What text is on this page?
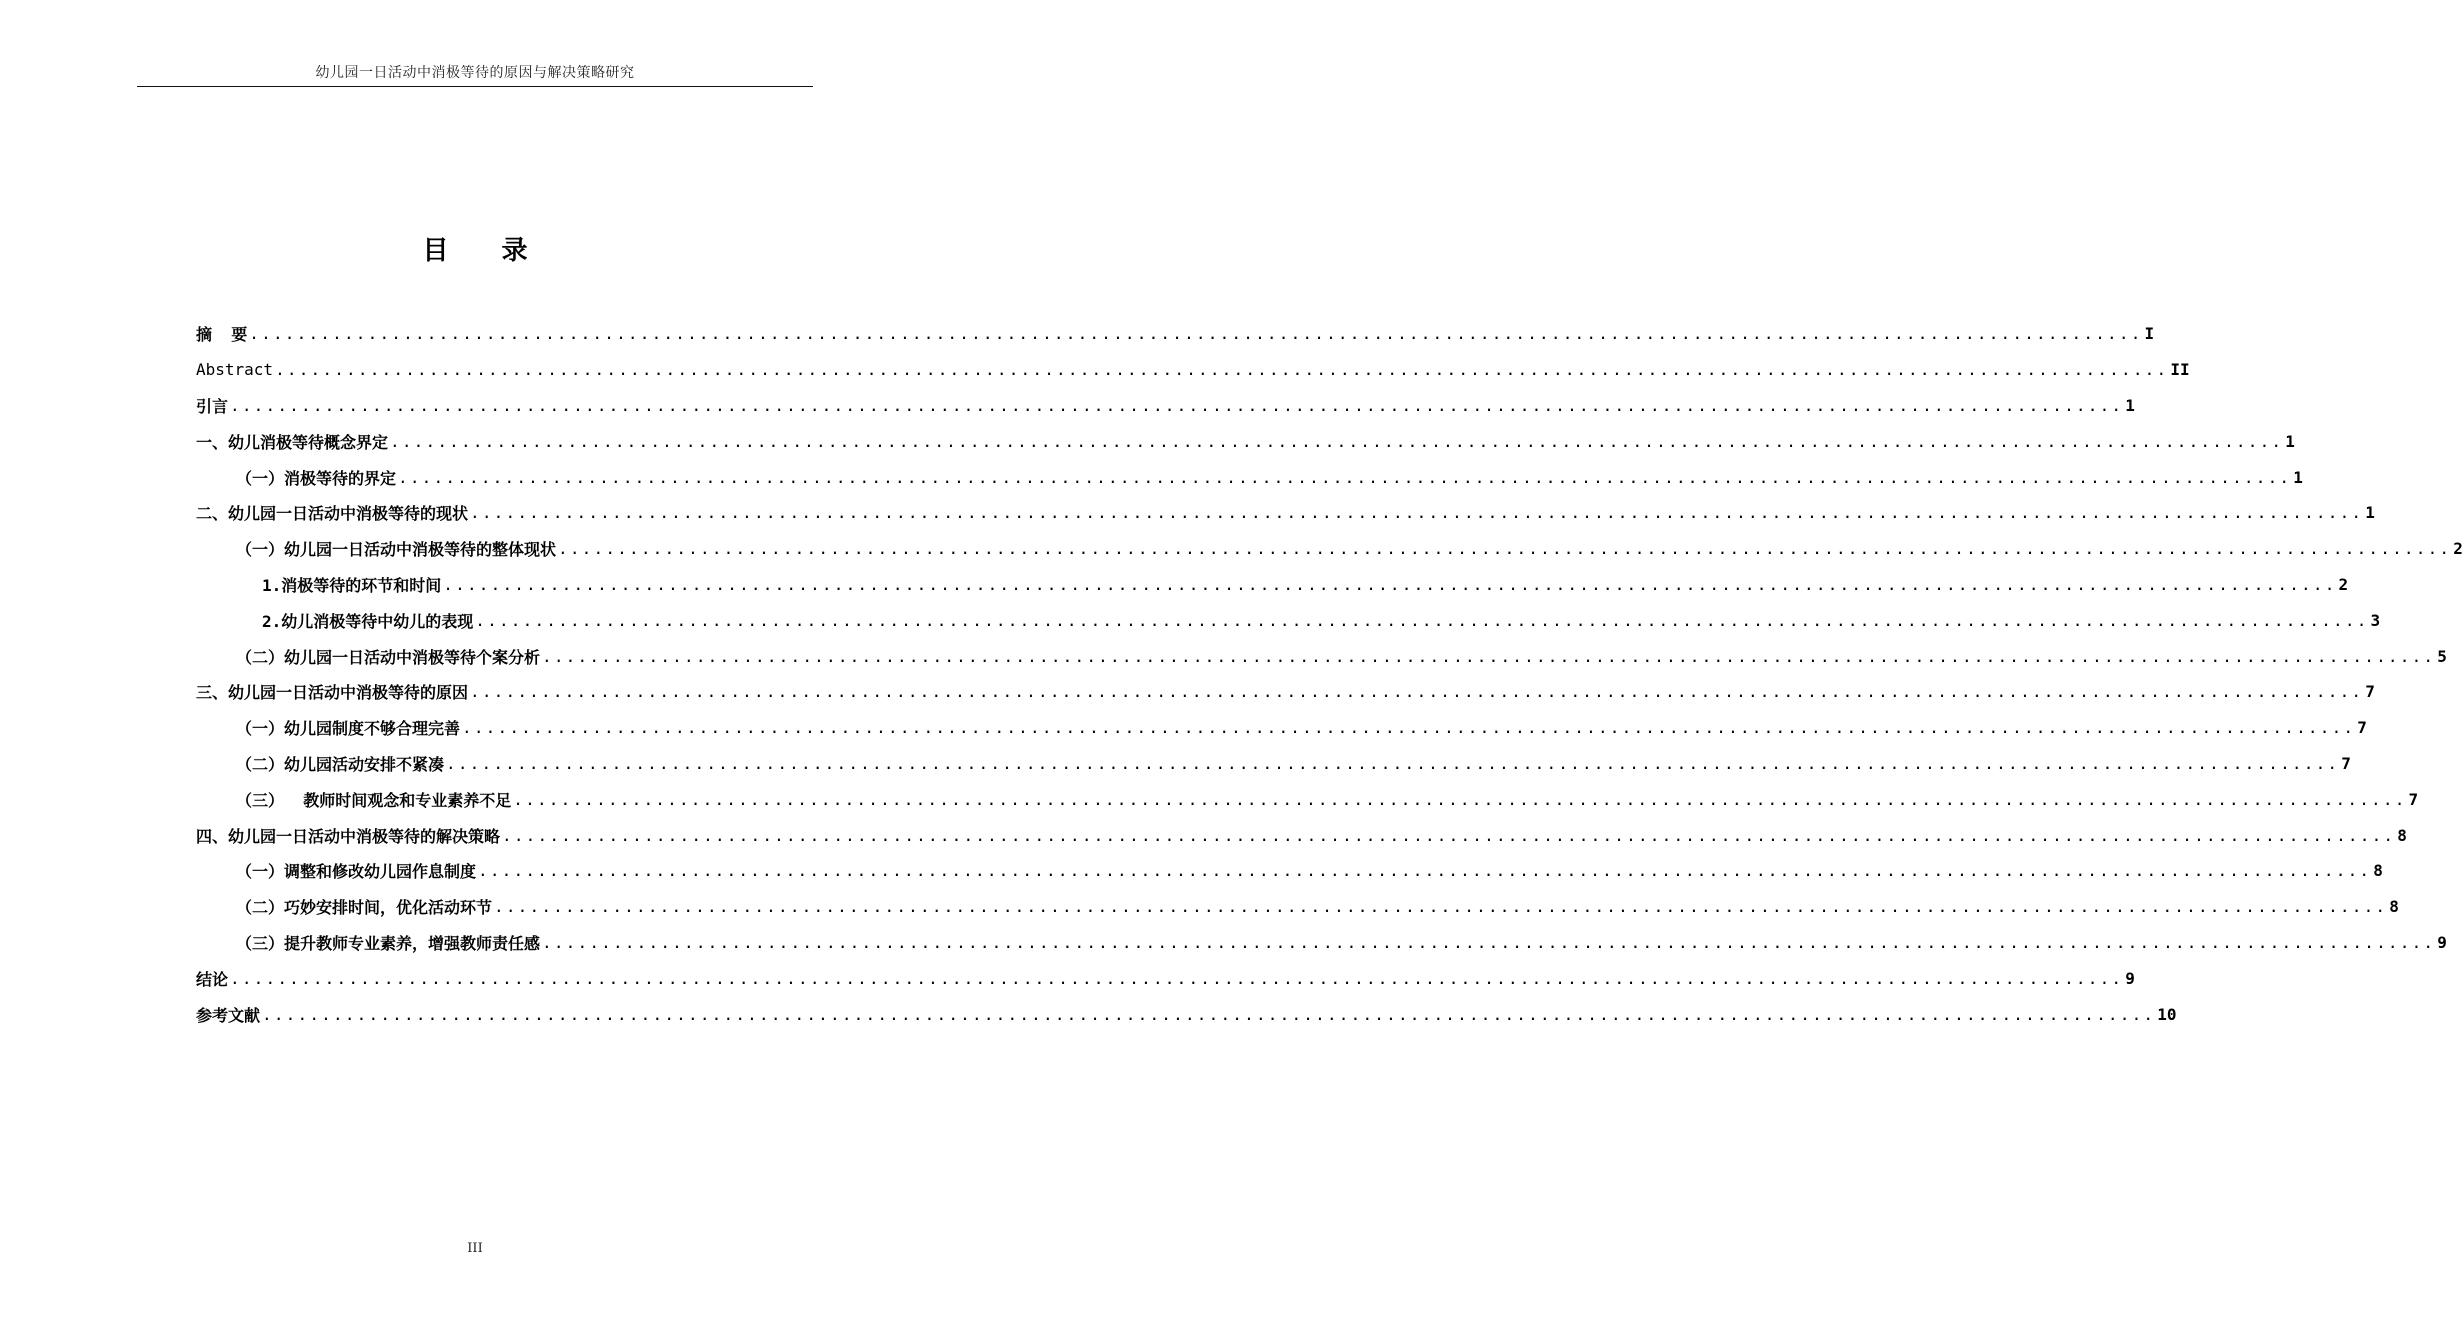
幼儿园一日活动中消极等待的原因与解决策略研究
目 录
摘  要 ................................................................................................................................................................ I
Abstract ................................................................................................................................................................ II
引言 ................................................................................................................................................................ 1
一、幼儿消极等待概念界定 ................................................................................................................................................................ 1
（一）消极等待的界定 ................................................................................................................................................................ 1
二、幼儿园一日活动中消极等待的现状 ................................................................................................................................................................ 1
（一）幼儿园一日活动中消极等待的整体现状 ................................................................................................................................................................ 2
1.消极等待的环节和时间 ................................................................................................................................................................ 2
2.幼儿消极等待中幼儿的表现 ................................................................................................................................................................ 3
（二）幼儿园一日活动中消极等待个案分析 ................................................................................................................................................................ 5
三、幼儿园一日活动中消极等待的原因 ................................................................................................................................................................ 7
（一）幼儿园制度不够合理完善 ................................................................................................................................................................ 7
（二）幼儿园活动安排不紧凑 ................................................................................................................................................................ 7
（三）  教师时间观念和专业素养不足 ................................................................................................................................................................ 7
四、幼儿园一日活动中消极等待的解决策略 ................................................................................................................................................................ 8
（一）调整和修改幼儿园作息制度 ................................................................................................................................................................ 8
（二）巧妙安排时间，优化活动环节 ................................................................................................................................................................ 8
（三）提升教师专业素养，增强教师责任感 ................................................................................................................................................................ 9
结论 ................................................................................................................................................................ 9
参考文献 ................................................................................................................................................................ 10
III
